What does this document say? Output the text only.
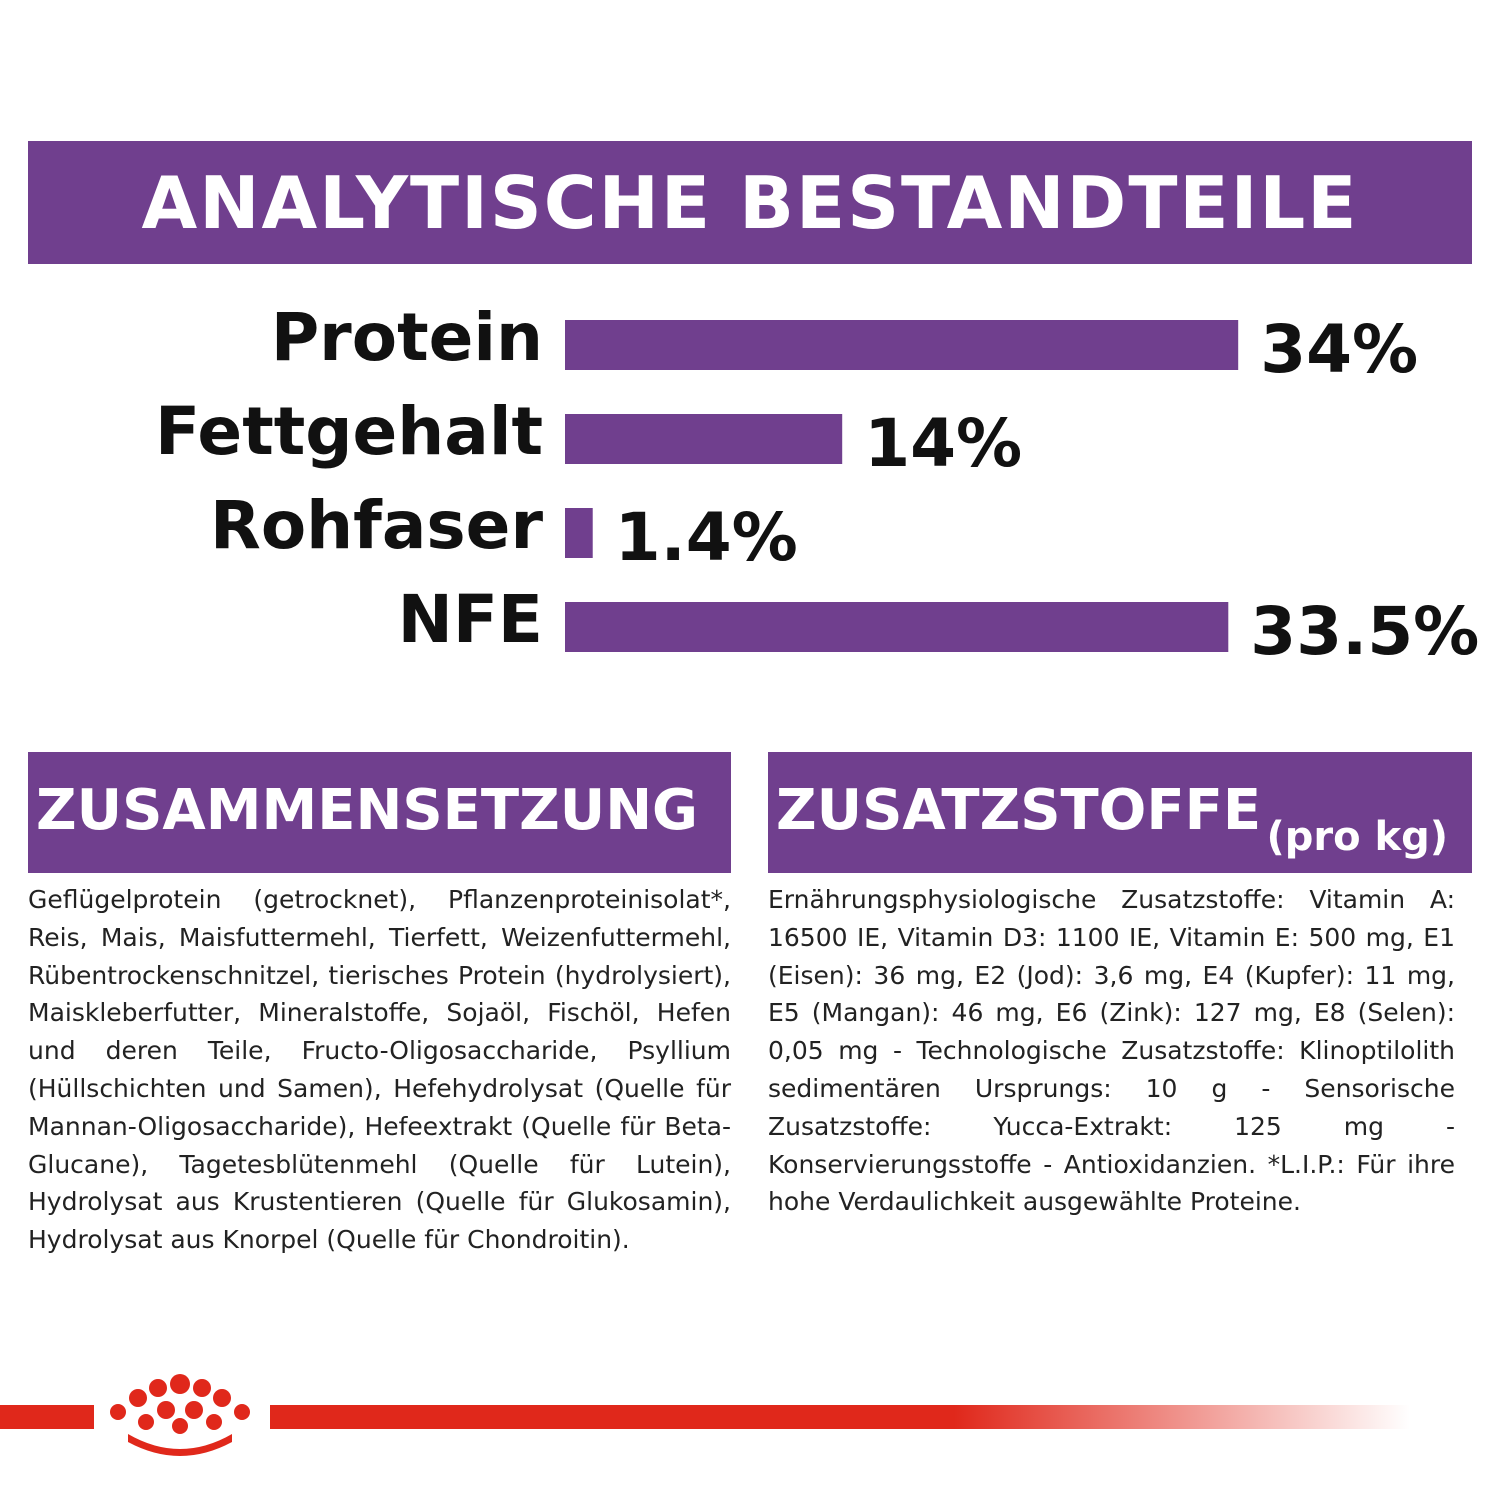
ANALYTISCHE BESTANDTEILE
Protein	34%
Fettgehalt	14%
Rohfaser 1.4%
NFE	33.5%
ZUSAMMENSETZUNG
Geflügelprotein (getrocknet), Pflanzenproteinisolat*, Reis, Mais, Maisfuttermehl, Tierfett, Weizenfuttermehl, Rübentrockenschnitzel, tierisches Protein (hydrolysiert), Maiskleberfutter, Mineralstoffe, Sojaöl, Fischöl, Hefen und deren Teile, Fructo-Oligosaccharide, Psyllium (Hüllschichten und Samen), Hefehydrolysat (Quelle für Mannan-Oligosaccharide), Hefeextrakt (Quelle für Beta-Glucane), Tagetesblütenmehl (Quelle für Lutein), Hydrolysat aus Krustentieren (Quelle für Glukosamin), Hydrolysat aus Knorpel (Quelle für Chondroitin).
ZUSATZSTOFFE (pro kg)
Ernährungsphysiologische Zusatzstoffe: Vitamin A: 16500 IE, Vitamin D3: 1100 IE, Vitamin E: 500 mg, E1 (Eisen): 36 mg, E2 (Jod): 3,6 mg, E4 (Kupfer): 11 mg, E5 (Mangan): 46 mg, E6 (Zink): 127 mg, E8 (Selen): 0,05 mg - Technologische Zusatzstoffe: Klinoptilolith sedimentären Ursprungs: 10 g - Sensorische Zusatzstoffe: Yucca-Extrakt: 125 mg - Konservierungsstoffe - Antioxidanzien. *L.I.P.: Für ihre hohe Verdaulichkeit ausgewählte Proteine.
